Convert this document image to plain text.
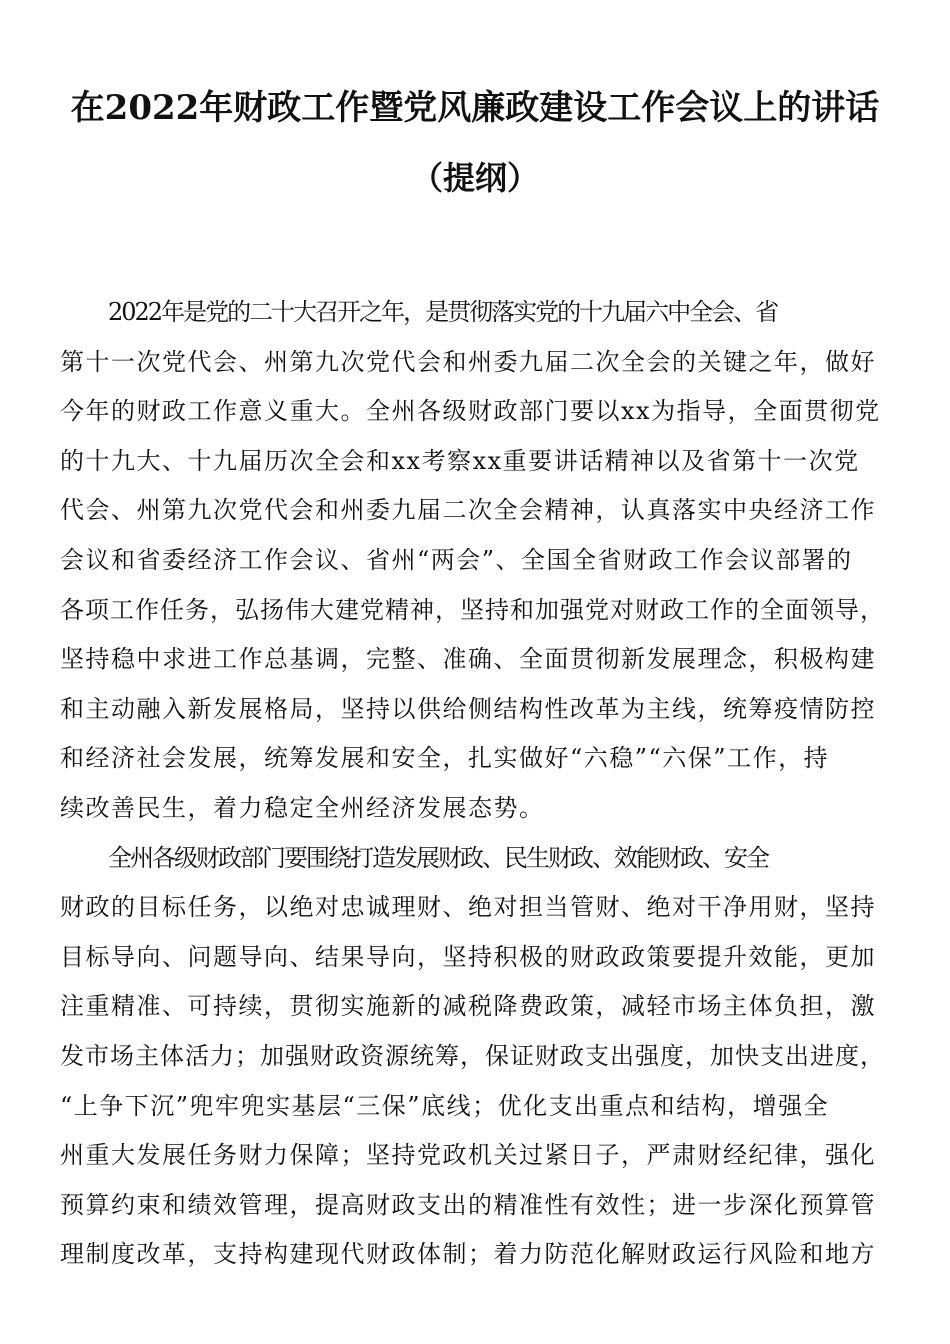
在2022年财政工作暨党风廉政建设工作会议上的讲话
（提纲）

2022年是党的二十大召开之年，是贯彻落实党的十九届六中全会、省
第十一次党代会、州第九次党代会和州委九届二次全会的关键之年，做好
今年的财政工作意义重大。全州各级财政部门要以xx为指导，全面贯彻党
的十九大、十九届历次全会和xx考察xx重要讲话精神以及省第十一次党
代会、州第九次党代会和州委九届二次全会精神，认真落实中央经济工作
会议和省委经济工作会议、省州“两会”、全国全省财政工作会议部署的
各项工作任务，弘扬伟大建党精神，坚持和加强党对财政工作的全面领导，
坚持稳中求进工作总基调，完整、准确、全面贯彻新发展理念，积极构建
和主动融入新发展格局，坚持以供给侧结构性改革为主线，统筹疫情防控
和经济社会发展，统筹发展和安全，扎实做好“六稳”“六保”工作，持
续改善民生，着力稳定全州经济发展态势。

全州各级财政部门要围绕打造发展财政、民生财政、效能财政、安全
财政的目标任务，以绝对忠诚理财、绝对担当管财、绝对干净用财，坚持
目标导向、问题导向、结果导向，坚持积极的财政政策要提升效能，更加
注重精准、可持续，贯彻实施新的减税降费政策，减轻市场主体负担，激
发市场主体活力；加强财政资源统筹，保证财政支出强度，加快支出进度，
“上争下沉”兜牢兜实基层“三保”底线；优化支出重点和结构，增强全
州重大发展任务财力保障；坚持党政机关过紧日子，严肃财经纪律，强化
预算约束和绩效管理，提高财政支出的精准性有效性；进一步深化预算管
理制度改革，支持构建现代财政体制；着力防范化解财政运行风险和地方
